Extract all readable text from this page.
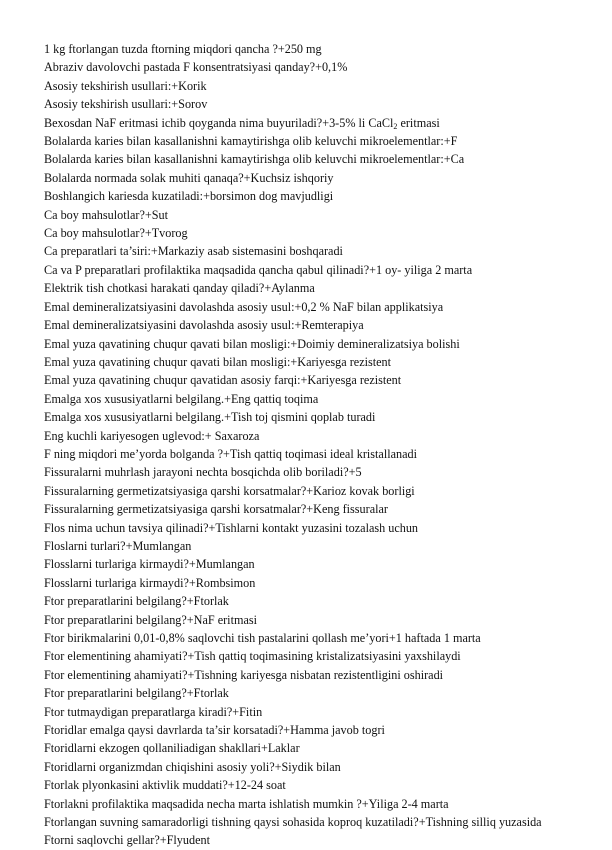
1 kg ftorlangan tuzda ftorning miqdori qancha ?+250 mg
Abraziv davolovchi pastada F konsentratsiyasi qanday?+0,1%
Asosiy tekshirish usullari:+Korik
Asosiy tekshirish usullari:+Sorov
Bexosdan NaF eritmasi ichib qoyganda nima buyuriladi?+3-5% li CaCl$_2$ eritmasi
Bolalarda karies bilan kasallanishni kamaytirishga olib keluvchi mikroelementlar:+F
Bolalarda karies bilan kasallanishni kamaytirishga olib keluvchi mikroelementlar:+Ca
Bolalarda normada solak muhiti qanaqa?+Kuchsiz ishqoriy
Boshlangich kariesda kuzatiladi:+borsimon dog mavjudligi
Ca boy mahsulotlar?+Sut
Ca boy mahsulotlar?+Tvorog
Ca preparatlari ta’siri:+Markaziy asab sistemasini boshqaradi
Ca va P preparatlari profilaktika maqsadida qancha qabul qilinadi?+1 oy- yiliga 2 marta
Elektrik tish chotkasi harakati qanday qiladi?+Aylanma
Emal demineralizatsiyasini davolashda asosiy usul:+0,2 % NaF bilan applikatsiya
Emal demineralizatsiyasini davolashda asosiy usul:+Remterapiya
Emal yuza qavatining chuqur qavati bilan mosligi:+Doimiy demineralizatsiya bolishi
Emal yuza qavatining chuqur qavati bilan mosligi:+Kariyesga rezistent
Emal yuza qavatining chuqur qavatidan asosiy farqi:+Kariyesga rezistent
Emalga xos xususiyatlarni belgilang.+Eng qattiq toqima
Emalga xos xususiyatlarni belgilang.+Tish toj qismini qoplab turadi
Eng kuchli kariyesogen uglevod:+ Saxaroza
F ning miqdori me’yorda bolganda ?+Tish qattiq toqimasi ideal kristallanadi
Fissuralarni muhrlash jarayoni nechta bosqichda olib boriladi?+5
Fissuralarning germetizatsiyasiga qarshi korsatmalar?+Karioz kovak borligi
Fissuralarning germetizatsiyasiga qarshi korsatmalar?+Keng fissuralar
Flos nima uchun tavsiya qilinadi?+Tishlarni kontakt yuzasini tozalash uchun
Floslarni turlari?+Mumlangan
Flosslarni turlariga kirmaydi?+Mumlangan
Flosslarni turlariga kirmaydi?+Rombsimon
Ftor preparatlarini belgilang?+Ftorlak
Ftor preparatlarini belgilang?+NaF eritmasi
Ftor birikmalarini 0,01-0,8% saqlovchi tish pastalarini qollash me’yori+1 haftada 1 marta
Ftor elementining ahamiyati?+Tish qattiq toqimasining kristalizatsiyasini yaxshilaydi
Ftor elementining ahamiyati?+Tishning kariyesga nisbatan rezistentligini oshiradi
Ftor preparatlarini belgilang?+Ftorlak
Ftor tutmaydigan preparatlarga kiradi?+Fitin
Ftoridlar emalga qaysi davrlarda ta’sir korsatadi?+Hamma javob togri
Ftoridlarni ekzogen qollaniliadigan shakllari+Laklar
Ftoridlarni organizmdan chiqishini asosiy yoli?+Siydik bilan
Ftorlak plyonkasini aktivlik muddati?+12-24 soat
Ftorlakni profilaktika maqsadida necha marta ishlatish mumkin ?+Yiliga 2-4 marta
Ftorlangan suvning samaradorligi tishning qaysi sohasida koproq kuzatiladi?+Tishning silliq yuzasida
Ftorni saqlovchi gellar?+Flyudent
